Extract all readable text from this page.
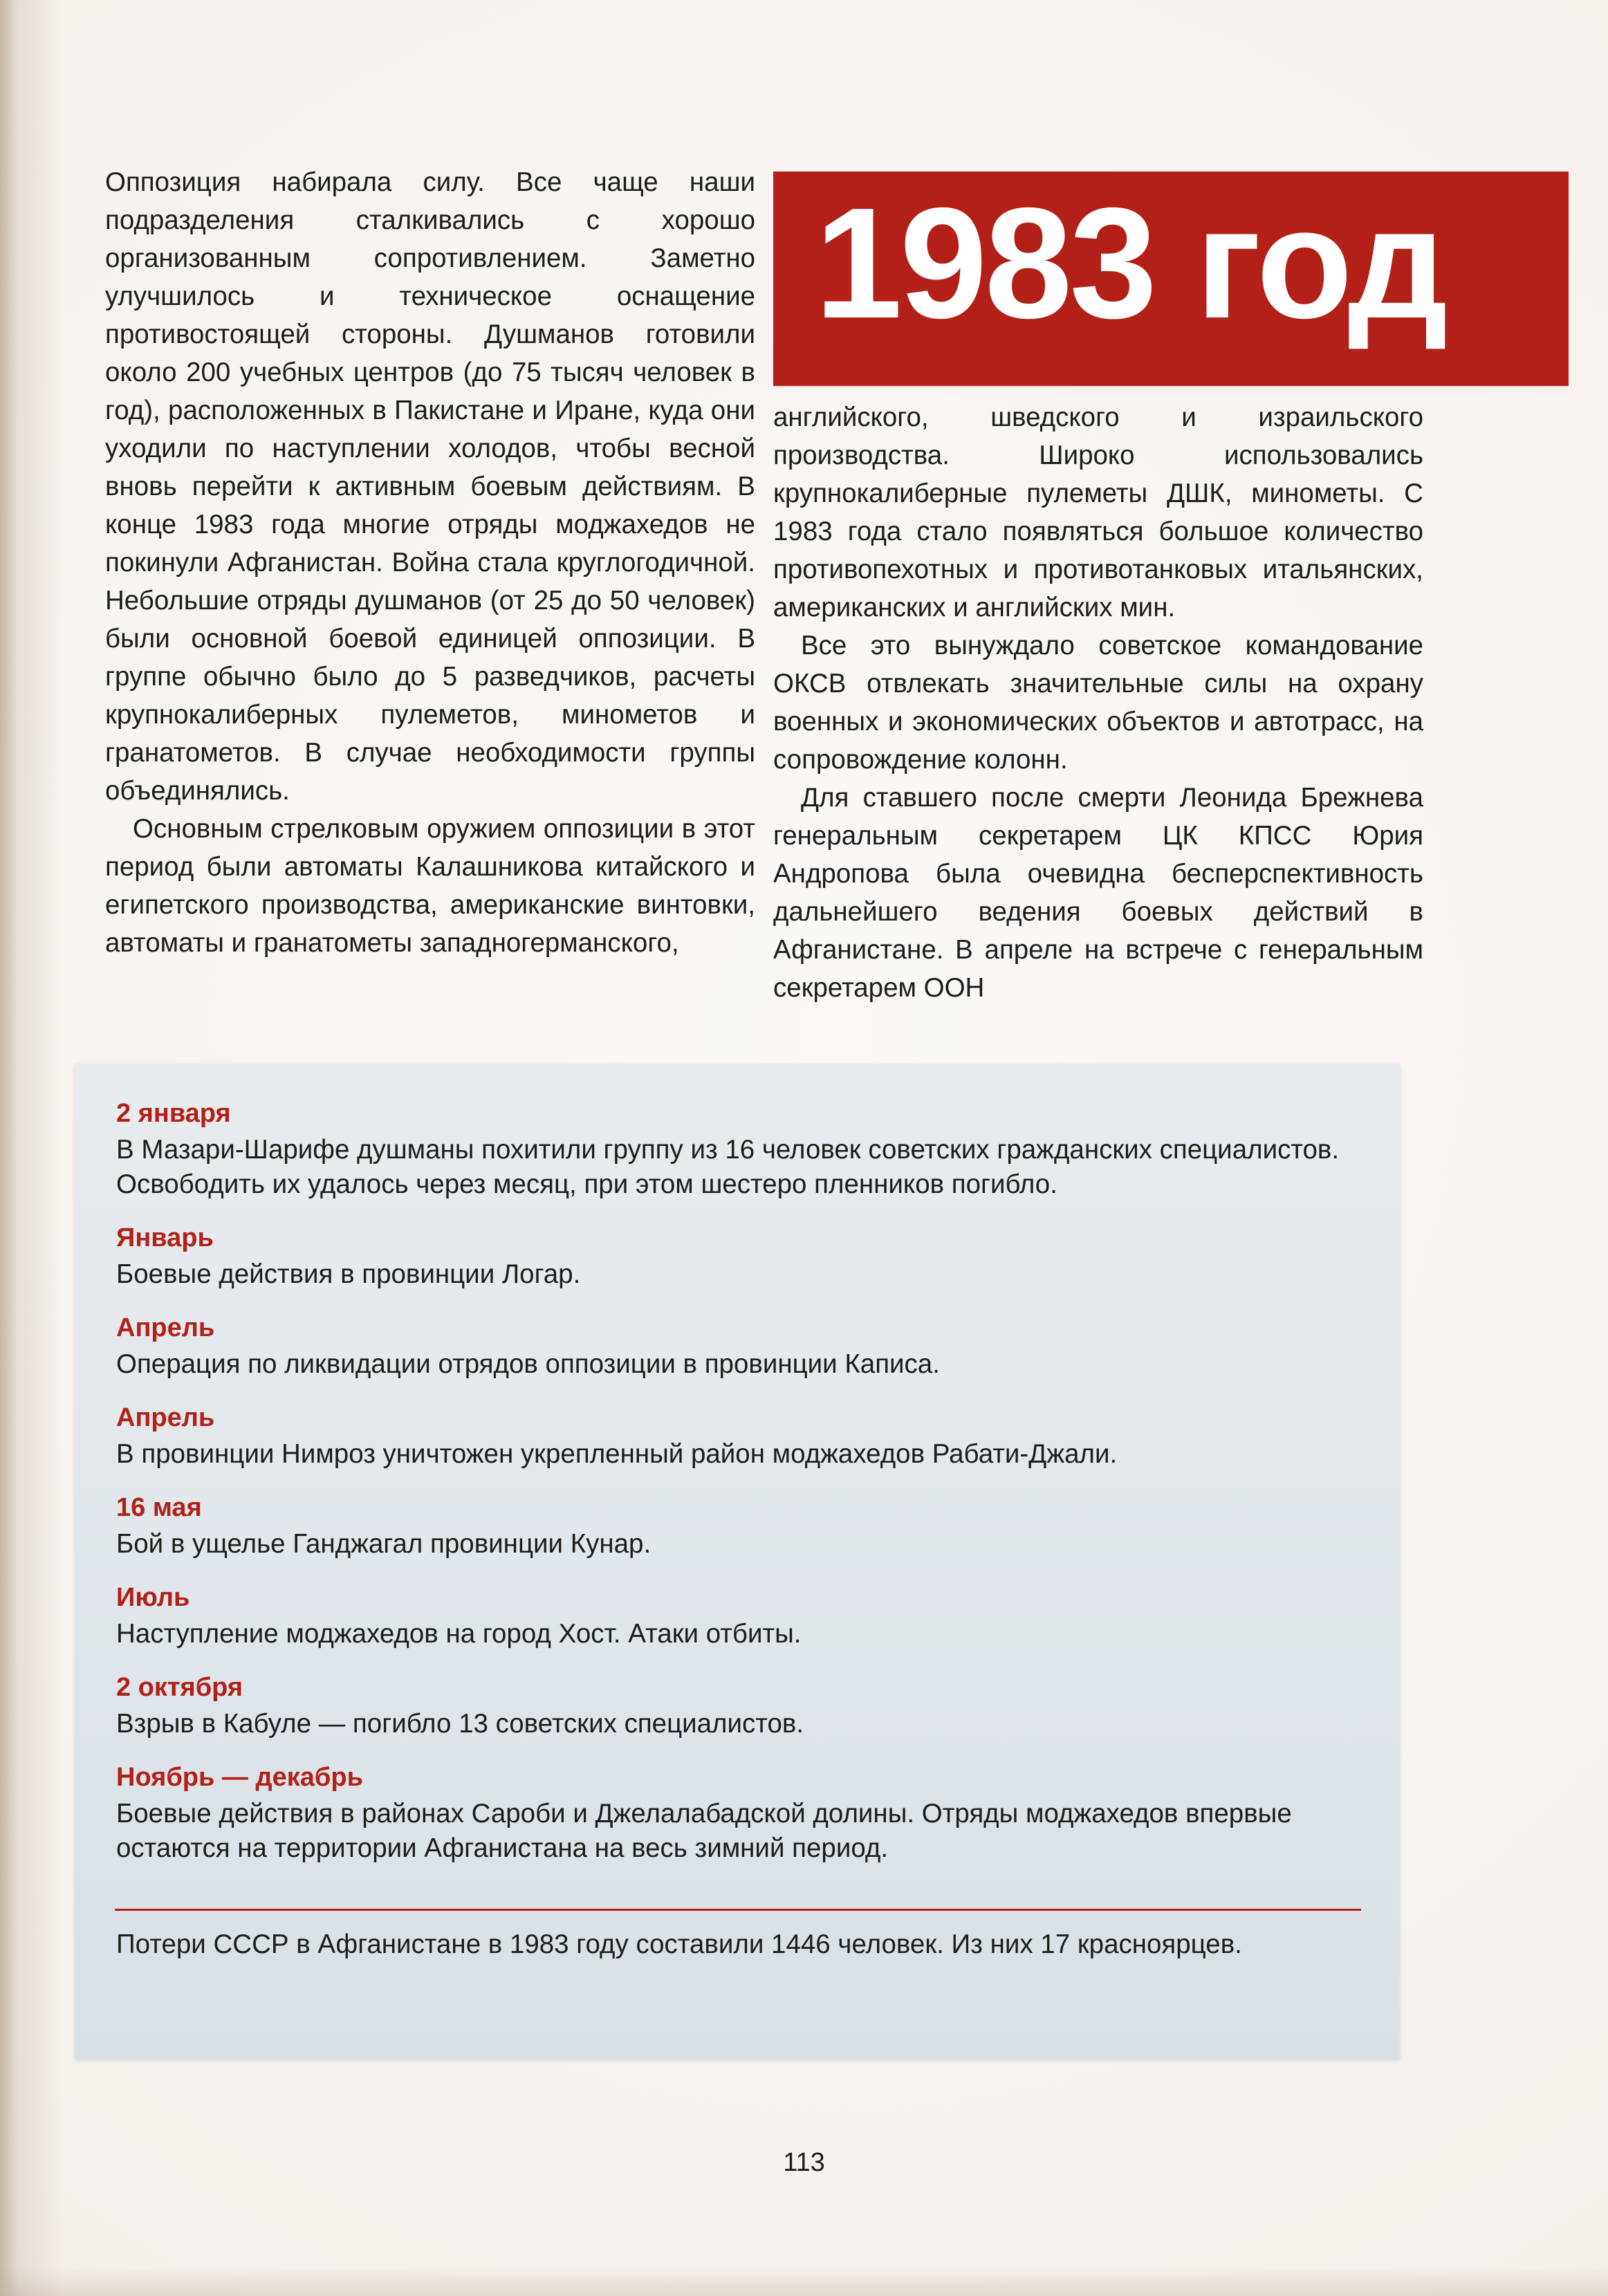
Оппозиция набирала силу. Все чаще наши подразделения сталкивались с хорошо организованным сопротивлением. Заметно улучшилось и техническое оснащение противостоящей стороны. Душманов готовили около 200 учебных центров (до 75 тысяч человек в год), расположенных в Пакистане и Иране, куда они уходили по наступлении холодов, чтобы весной вновь перейти к активным боевым действиям. В конце 1983 года многие отряды моджахедов не покинули Афганистан. Война стала круглогодичной. Небольшие отряды душманов (от 25 до 50 человек) были основной боевой единицей оппозиции. В группе обычно было до 5 разведчиков, расчеты крупнокалиберных пулеметов, минометов и гранатометов. В случае необходимости группы объединялись.

Основным стрелковым оружием оппозиции в этот период были автоматы Калашникова китайского и египетского производства, американские винтовки, автоматы и гранатометы западногерманского,

1983 год

английского, шведского и израильского производства. Широко использовались крупнокалиберные пулеметы ДШК, минометы. С 1983 года стало появляться большое количество противопехотных и противотанковых итальянских, американских и английских мин.

Все это вынуждало советское командование ОКСВ отвлекать значительные силы на охрану военных и экономических объектов и автотрасс, на сопровождение колонн.

Для ставшего после смерти Леонида Брежнева генеральным секретарем ЦК КПСС Юрия Андропова была очевидна бесперспективность дальнейшего ведения боевых действий в Афганистане. В апреле на встрече с генеральным секретарем ООН

2 января
В Мазари-Шарифе душманы похитили группу из 16 человек советских гражданских специалистов. Освободить их удалось через месяц, при этом шестеро пленников погибло.
Январь
Боевые действия в провинции Логар.
Апрель
Операция по ликвидации отрядов оппозиции в провинции Каписа.
Апрель
В провинции Нимроз уничтожен укрепленный район моджахедов Рабати-Джали.
16 мая
Бой в ущелье Ганджагал провинции Кунар.
Июль
Наступление моджахедов на город Хост. Атаки отбиты.
2 октября
Взрыв в Кабуле — погибло 13 советских специалистов.
Ноябрь — декабрь
Боевые действия в районах Сароби и Джелалабадской долины. Отряды моджахедов впервые остаются на территории Афганистана на весь зимний период.
Потери СССР в Афганистане в 1983 году составили 1446 человек. Из них 17 красноярцев.
113
